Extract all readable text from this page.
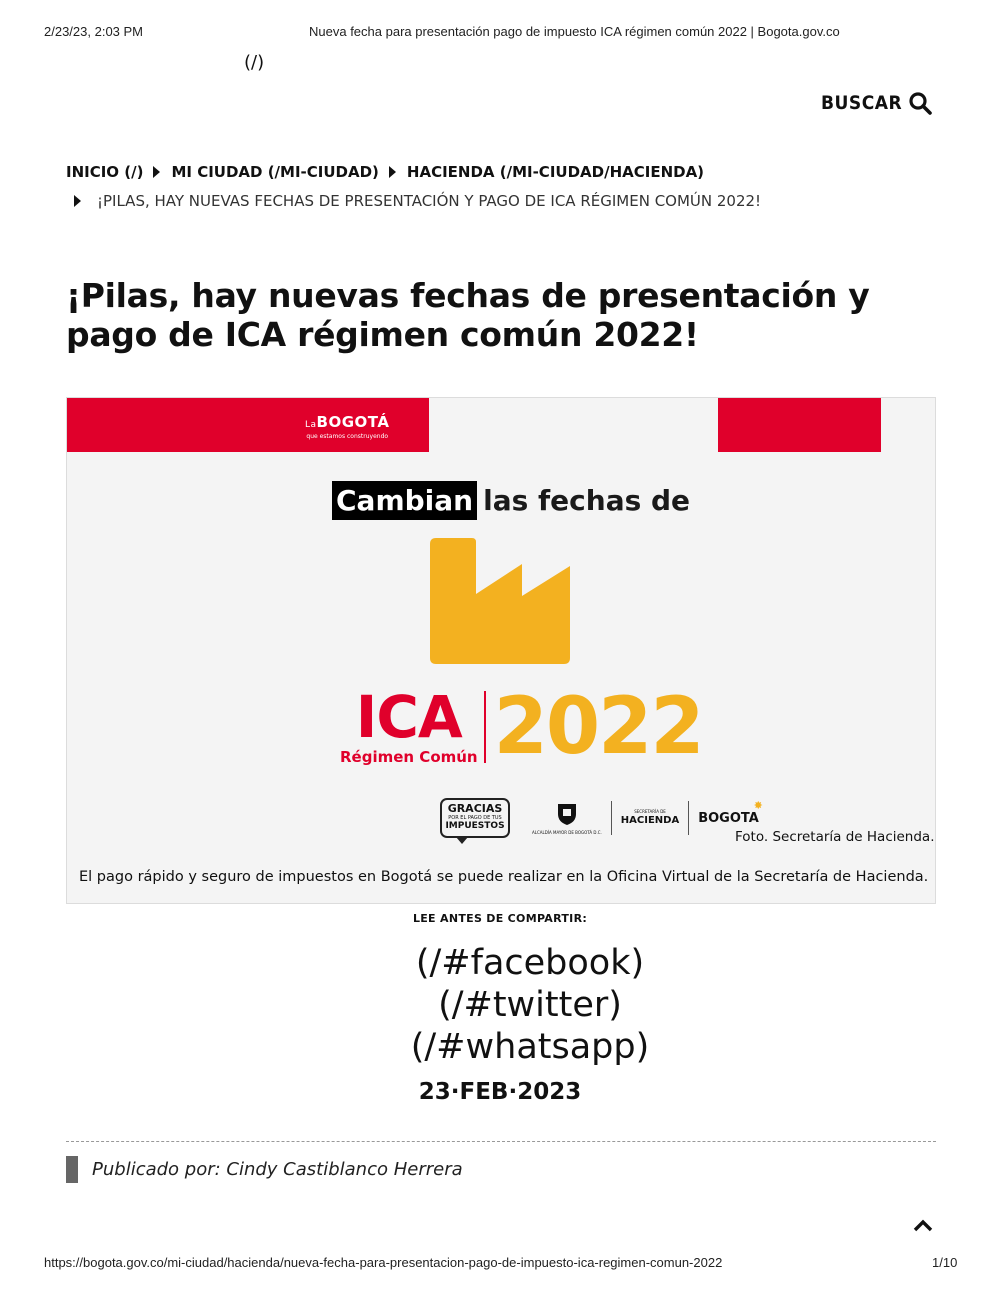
2/23/23, 2:03 PM	Nueva fecha para presentación pago de impuesto ICA régimen común 2022 | Bogota.gov.co
(/)
BUSCAR
INICIO (/) MI CIUDAD (/MI-CIUDAD) HACIENDA (/MI-CIUDAD/HACIENDA)
¡PILAS, HAY NUEVAS FECHAS DE PRESENTACIÓN Y PAGO DE ICA RÉGIMEN COMÚN 2022!
¡Pilas, hay nuevas fechas de presentación y pago de ICA régimen común 2022!
LaBOGOTÁ
que estamos construyendo
Cambian las fechas de
ICA
Régimen Común 2022
GRACIAS
POR EL PAGO DE TUS
IMPUESTOS
ALCALDÍA MAYOR DE BOGOTÁ D.C.
SECRETARÍA DE
HACIENDA BOGOTA
✸
Foto. Secretaría de Hacienda.
El pago rápido y seguro de impuestos en Bogotá se puede realizar en la Oficina Virtual de la Secretaría de Hacienda.
LEE ANTES DE COMPARTIR:
(/#facebook)
(/#twitter)
(/#whatsapp)
23·FEB·2023
Publicado por: Cindy Castiblanco Herrera
https://bogota.gov.co/mi-ciudad/hacienda/nueva-fecha-para-presentacion-pago-de-impuesto-ica-regimen-comun-2022	1/10
